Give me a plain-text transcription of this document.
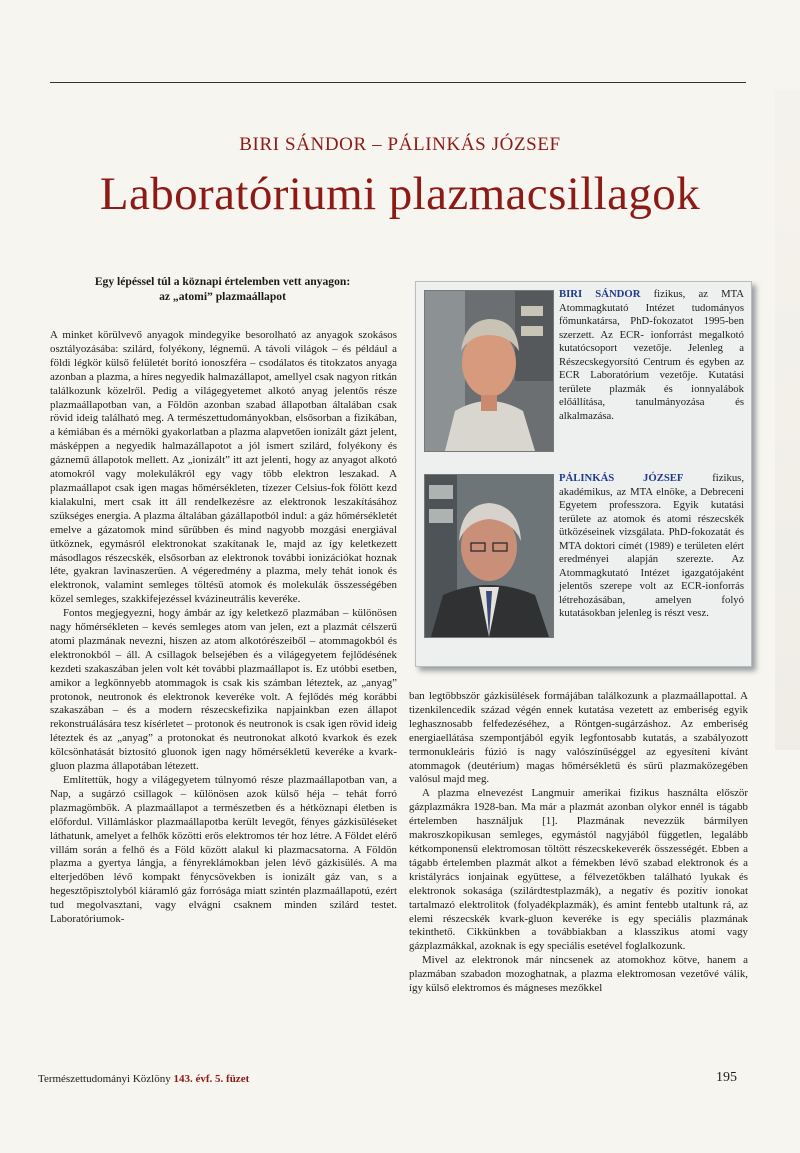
BIRI SÁNDOR – PÁLINKÁS JÓZSEF
Laboratóriumi plazmacsillagok
Egy lépéssel túl a köznapi értelemben vett anyagon:
az „atomi” plazmaállapot

A minket körülvevő anyagok mindegyike besorolható az anyagok szokásos osztályozásába: szilárd, folyékony, légnemű. A távoli világok – és például a földi légkör külső felületét borító ionoszféra – csodálatos és titokzatos anyaga azonban a plazma, a híres negyedik halmazállapot, amellyel csak nagyon ritkán találkozunk közelről. Pedig a világegyetemet alkotó anyag jelentős része plazmaállapotban van, a Földön azonban szabad állapotban általában csak rövid ideig található meg. A természettudományokban, elsősorban a fizikában, a kémiában és a mérnöki gyakorlatban a plazma alapvetően ionizált gázt jelent, másképpen a negyedik halmazállapotot a jól ismert szilárd, folyékony és gáznemű állapotok mellett. Az „ionizált” itt azt jelenti, hogy az anyagot alkotó atomokról vagy molekulákról egy vagy több elektron leszakad. A plazmaállapot csak igen magas hőmérsékleten, tízezer Celsius-fok fölött kezd kialakulni, mert csak itt áll rendelkezésre az elektronok leszakításához szükséges energia. A plazma általában gázállapotból indul: a gáz hőmérsékletét emelve a gázatomok mind sűrűbben és mind nagyobb mozgási energiával ütköznek, egymásról elektronokat szakítanak le, majd az így keletkezett másodlagos részecskék, elsősorban az elektronok további ionizációkat hoznak léte, gyakran lavinaszerűen. A végeredmény a plazma, mely tehát ionok és elektronok, valamint semleges töltésű atomok és molekulák összességében közel semleges, szakkifejezéssel kvázineutrális keveréke.

Fontos megjegyezni, hogy ámbár az így keletkező plazmában – különösen nagy hőmérsékleten – kevés semleges atom van jelen, ezt a plazmát célszerű atomi plazmának nevezni, hiszen az atom alkotórészeiből – atommagokból és elektronokból – áll. A csillagok belsejében és a világegyetem fejlődésének kezdeti szakaszában jelen volt két további plazmaállapot is. Ez utóbbi esetben, amikor a legkönnyebb atommagok is csak kis számban léteztek, az „anyag” protonok, neutronok és elektronok keveréke volt. A fejlődés még korábbi szakaszában – és a modern részecskefizika napjainkban ezen állapot rekonstruálására tesz kísérletet – protonok és neutronok is csak igen rövid ideig léteztek és az „anyag” a protonokat és neutronokat alkotó kvarkok és ezek kölcsönhatását biztosító gluonok igen nagy hőmérsékletű keveréke a kvark-gluon plazma állapotában létezett.

Említettük, hogy a világegyetem túlnyomó része plazmaállapotban van, a Nap, a sugárzó csillagok – különösen azok külső héja – tehát forró plazmagömbök. A plazmaállapot a természetben és a hétköznapi életben is előfordul. Villámláskor plazmaállapotba került levegőt, fényes gázkisüléseket láthatunk, amelyet a felhők közötti erős elektromos tér hoz létre. A Földet elérő villám során a felhő és a Föld között alakul ki plazmacsatorna. A Földön plazma a gyertya lángja, a fényreklámokban jelen lévő gázkisülés. A ma elterjedőben lévő kompakt fénycsövekben is ionizált gáz van, s a hegesztőpisztolyból kiáramló gáz forrósága miatt szintén plazmaállapotú, ezért tud megolvasztani, vagy elvágni csaknem minden szilárd testet. Laboratóriumok-

BIRI SÁNDOR fizikus, az MTA Atommagkutató Intézet tudományos főmunkatársa, PhD-fokozatot 1995-ben szerzett. Az ECR- ionforrást megalkotó kutatócsoport vezetője. Jelenleg a Részecskegyorsító Centrum és egyben az ECR Laboratórium vezetője. Kutatási területe plazmák és ionnyalábok előállítása, tanulmányozása és alkalmazása.
PÁLINKÁS JÓZSEF	fizikus, akadémikus, az MTA elnöke, a Debreceni Egyetem professzora. Egyik kutatási területe az atomok és atomi részecskék ütközéseinek vizsgálata. PhD-fokozatát és MTA doktori címét (1989) e területen elért eredményei alapján szerezte. Az Atommagkutató Intézet igazgatójaként jelentős szerepe volt az ECR-ionforrás létrehozásában, amelyen folyó kutatásokban jelenleg is részt vesz.

ban legtöbbször gázkisülések formájában találkozunk a plazmaállapottal. A tizenkilencedik század végén ennek kutatása vezetett az emberiség egyik leghasznosabb felfedezéséhez, a Röntgen-sugárzáshoz. Az emberiség energiaellátása szempontjából egyik legfontosabb kutatás, a szabályozott termonukleáris fúzió is nagy valószínűséggel az egyesíteni kívánt atommagok (deutérium) magas hőmérsékletű és sűrű plazmaközegében valósul majd meg.

A plazma elnevezést Langmuir amerikai fizikus használta először gázplazmákra 1928-ban. Ma már a plazmát azonban olykor ennél is tágabb értelemben használjuk [1]. Plazmának nevezzük bármilyen makroszkopikusan semleges, egymástól nagyjából független, legalább kétkomponensű elektromosan töltött részecskekeverék összességét. Ebben a tágabb értelemben plazmát alkot a fémekben lévő szabad elektronok és a kristályrács ionjainak együttese, a félvezetőkben található lyukak és elektronok sokasága (szilárdtestplazmák), a negatív és pozitív ionokat tartalmazó elektrolitok (folyadékplazmák), és amint fentebb utaltunk rá, az elemi részecskék kvark-gluon keveréke is egy speciális plazmának tekinthető. Cikkünkben a továbbiakban a klasszikus atomi vagy gázplazmákkal, azoknak is egy speciális esetével foglalkozunk.

Mivel az elektronok már nincsenek az atomokhoz kötve, hanem a plazmában szabadon mozoghatnak, a plazma elektromosan vezetővé válik, így külső elektromos és mágneses mezőkkel

Természettudományi Közlöny 143. évf. 5. füzet	195
